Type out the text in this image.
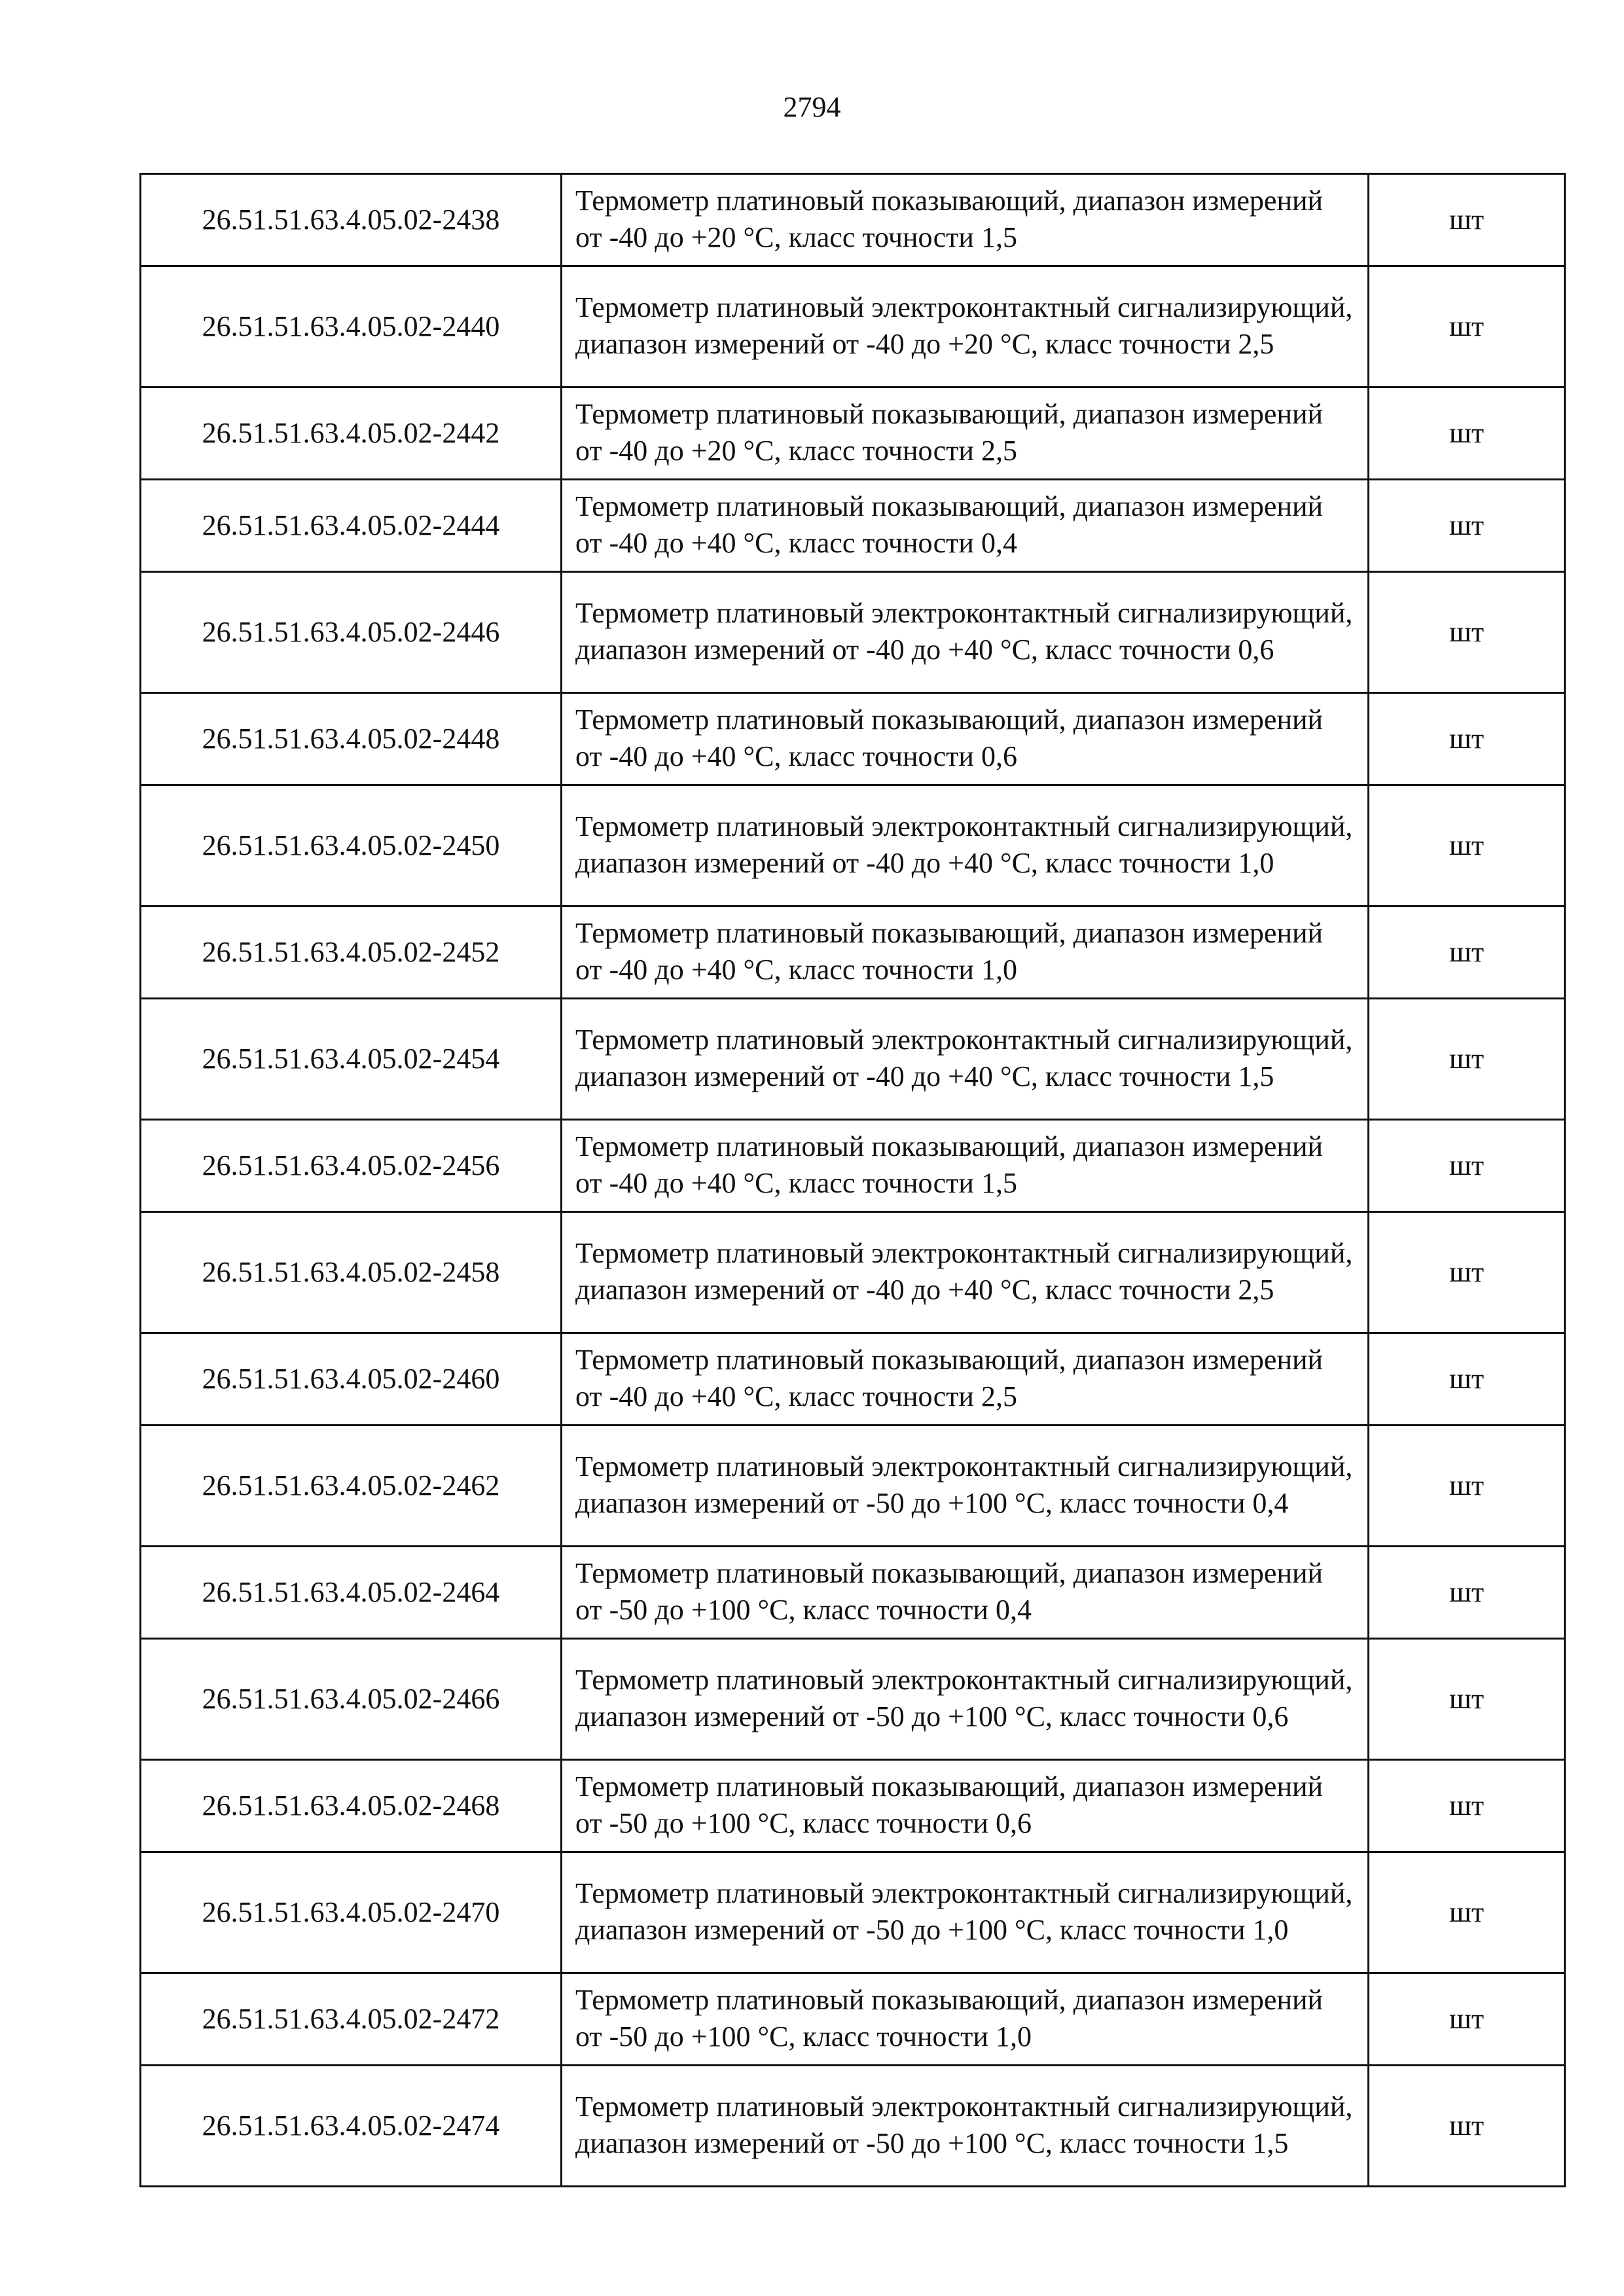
2794
26.51.51.63.4.05.02-2438	Термометр платиновый показывающий, диапазон измерений от -40 до +20 °С, класс точности 1,5	шт
26.51.51.63.4.05.02-2440	Термометр платиновый электроконтактный сигнализирующий, диапазон измерений от -40 до +20 °С, класс точности 2,5	шт
26.51.51.63.4.05.02-2442	Термометр платиновый показывающий, диапазон измерений от -40 до +20 °С, класс точности 2,5	шт
26.51.51.63.4.05.02-2444	Термометр платиновый показывающий, диапазон измерений от -40 до +40 °С, класс точности 0,4	шт
26.51.51.63.4.05.02-2446	Термометр платиновый электроконтактный сигнализирующий, диапазон измерений от -40 до +40 °С, класс точности 0,6	шт
26.51.51.63.4.05.02-2448	Термометр платиновый показывающий, диапазон измерений от -40 до +40 °С, класс точности 0,6	шт
26.51.51.63.4.05.02-2450	Термометр платиновый электроконтактный сигнализирующий, диапазон измерений от -40 до +40 °С, класс точности 1,0	шт
26.51.51.63.4.05.02-2452	Термометр платиновый показывающий, диапазон измерений от -40 до +40 °С, класс точности 1,0	шт
26.51.51.63.4.05.02-2454	Термометр платиновый электроконтактный сигнализирующий, диапазон измерений от -40 до +40 °С, класс точности 1,5	шт
26.51.51.63.4.05.02-2456	Термометр платиновый показывающий, диапазон измерений от -40 до +40 °С, класс точности 1,5	шт
26.51.51.63.4.05.02-2458	Термометр платиновый электроконтактный сигнализирующий, диапазон измерений от -40 до +40 °С, класс точности 2,5	шт
26.51.51.63.4.05.02-2460	Термометр платиновый показывающий, диапазон измерений от -40 до +40 °С, класс точности 2,5	шт
26.51.51.63.4.05.02-2462	Термометр платиновый электроконтактный сигнализирующий, диапазон измерений от -50 до +100 °С, класс точности 0,4	шт
26.51.51.63.4.05.02-2464	Термометр платиновый показывающий, диапазон измерений от -50 до +100 °С, класс точности 0,4	шт
26.51.51.63.4.05.02-2466	Термометр платиновый электроконтактный сигнализирующий, диапазон измерений от -50 до +100 °С, класс точности 0,6	шт
26.51.51.63.4.05.02-2468	Термометр платиновый показывающий, диапазон измерений от -50 до +100 °С, класс точности 0,6	шт
26.51.51.63.4.05.02-2470	Термометр платиновый электроконтактный сигнализирующий, диапазон измерений от -50 до +100 °С, класс точности 1,0	шт
26.51.51.63.4.05.02-2472	Термометр платиновый показывающий, диапазон измерений от -50 до +100 °С, класс точности 1,0	шт
26.51.51.63.4.05.02-2474	Термометр платиновый электроконтактный сигнализирующий, диапазон измерений от -50 до +100 °С, класс точности 1,5	шт
